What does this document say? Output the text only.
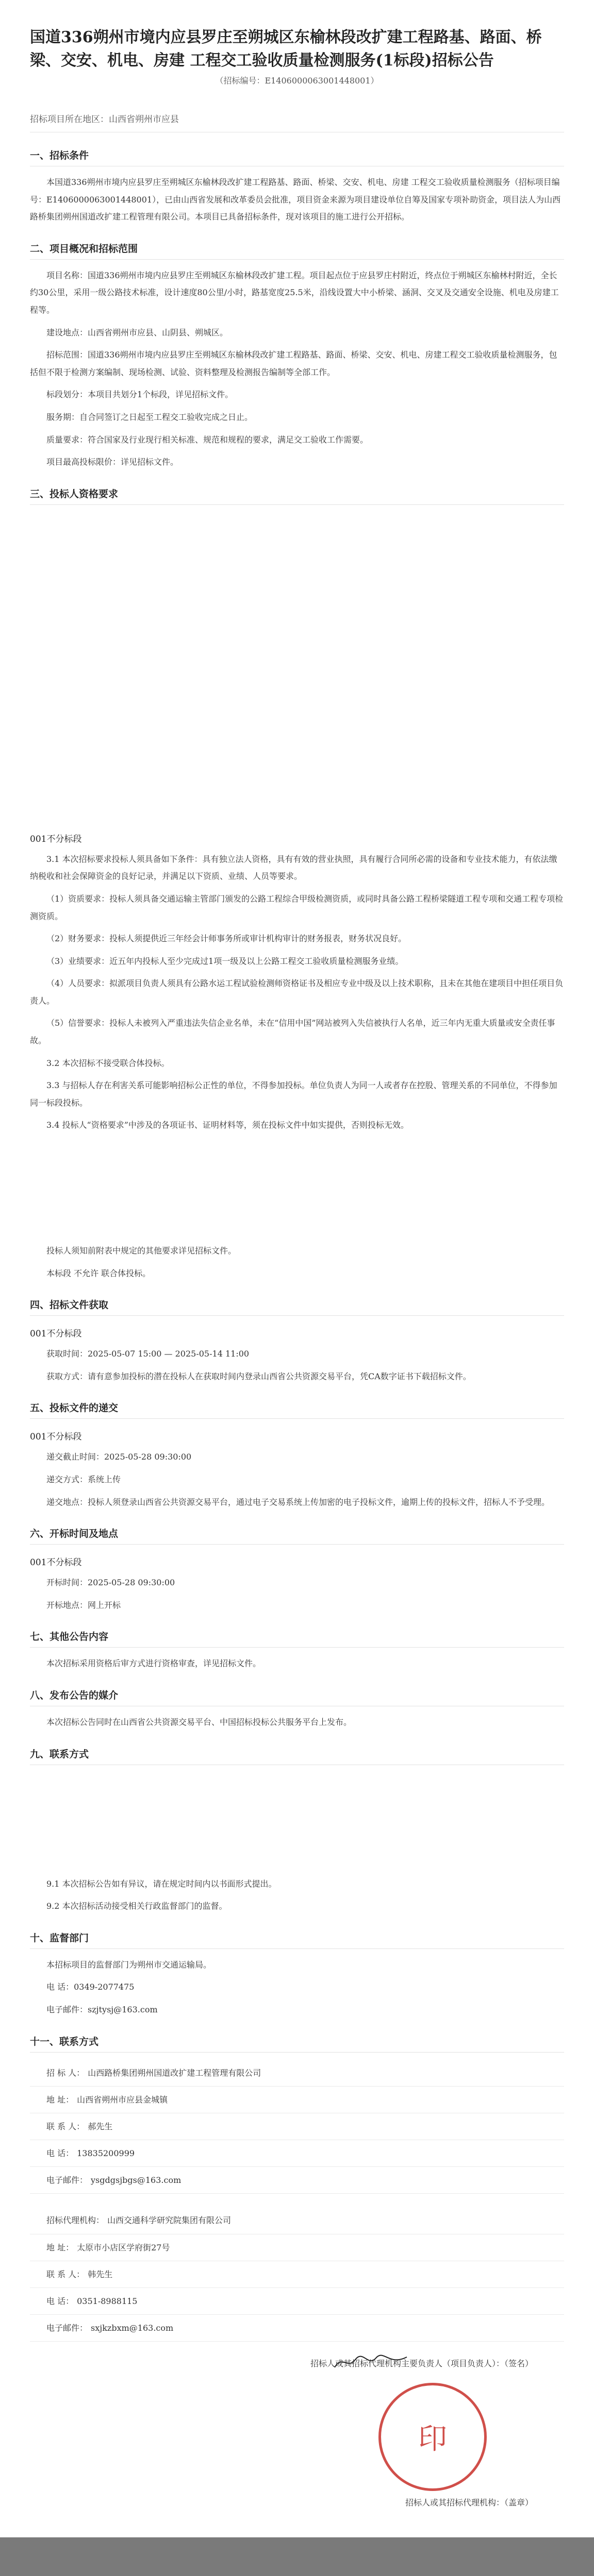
国道336朔州市境内应县罗庄至朔城区东榆林段改扩建工程路基、路面、桥梁、交安、机电、房建 工程交工验收质量检测服务(1标段)招标公告
（招标编号：E1406000063001448001）
招标项目所在地区：山西省朔州市应县
一、招标条件

本国道336朔州市境内应县罗庄至朔城区东榆林段改扩建工程路基、路面、桥梁、交安、机电、房建 工程交工验收质量检测服务（招标项目编号：E1406000063001448001），已由山西省发展和改革委员会批准，项目资金来源为项目建设单位自筹及国家专项补助资金，项目法人为山西路桥集团朔州国道改扩建工程管理有限公司。本项目已具备招标条件，现对该项目的施工进行公开招标。

二、项目概况和招标范围

项目名称：国道336朔州市境内应县罗庄至朔城区东榆林段改扩建工程。项目起点位于应县罗庄村附近，终点位于朔城区东榆林村附近，全长约30公里，采用一级公路技术标准，设计速度80公里/小时，路基宽度25.5米，沿线设置大中小桥梁、涵洞、交叉及交通安全设施、机电及房建工程等。

建设地点：山西省朔州市应县、山阴县、朔城区。

招标范围：国道336朔州市境内应县罗庄至朔城区东榆林段改扩建工程路基、路面、桥梁、交安、机电、房建工程交工验收质量检测服务，包括但不限于检测方案编制、现场检测、试验、资料整理及检测报告编制等全部工作。

标段划分：本项目共划分1个标段，详见招标文件。

服务期：自合同签订之日起至工程交工验收完成之日止。

质量要求：符合国家及行业现行相关标准、规范和规程的要求，满足交工验收工作需要。

项目最高投标限价：详见招标文件。

三、投标人资格要求
001不分标段

3.1 本次招标要求投标人须具备如下条件：具有独立法人资格，具有有效的营业执照，具有履行合同所必需的设备和专业技术能力，有依法缴纳税收和社会保障资金的良好记录，并满足以下资质、业绩、人员等要求。

（1）资质要求：投标人须具备交通运输主管部门颁发的公路工程综合甲级检测资质，或同时具备公路工程桥梁隧道工程专项和交通工程专项检测资质。

（2）财务要求：投标人须提供近三年经会计师事务所或审计机构审计的财务报表，财务状况良好。

（3）业绩要求：近五年内投标人至少完成过1项一级及以上公路工程交工验收质量检测服务业绩。

（4）人员要求：拟派项目负责人须具有公路水运工程试验检测师资格证书及相应专业中级及以上技术职称，且未在其他在建项目中担任项目负责人。

（5）信誉要求：投标人未被列入严重违法失信企业名单，未在“信用中国”网站被列入失信被执行人名单，近三年内无重大质量或安全责任事故。

3.2 本次招标不接受联合体投标。

3.3 与招标人存在利害关系可能影响招标公正性的单位，不得参加投标。单位负责人为同一人或者存在控股、管理关系的不同单位，不得参加同一标段投标。

3.4 投标人“资格要求”中涉及的各项证书、证明材料等，须在投标文件中如实提供，否则投标无效。

投标人须知前附表中规定的其他要求详见招标文件。

本标段 不允许 联合体投标。

四、招标文件获取
001不分标段

获取时间：2025-05-07 15:00 — 2025-05-14 11:00

获取方式：请有意参加投标的潜在投标人在获取时间内登录山西省公共资源交易平台，凭CA数字证书下载招标文件。

五、投标文件的递交
001不分标段

递交截止时间：2025-05-28 09:30:00

递交方式：系统上传

递交地点：投标人须登录山西省公共资源交易平台，通过电子交易系统上传加密的电子投标文件，逾期上传的投标文件，招标人不予受理。

六、开标时间及地点
001不分标段

开标时间：2025-05-28 09:30:00

开标地点：网上开标

七、其他公告内容

本次招标采用资格后审方式进行资格审查，详见招标文件。

八、发布公告的媒介

本次招标公告同时在山西省公共资源交易平台、中国招标投标公共服务平台上发布。

九、联系方式

9.1 本次招标公告如有异议，请在规定时间内以书面形式提出。

9.2 本次招标活动接受相关行政监督部门的监督。

十、监督部门

本招标项目的监督部门为朔州市交通运输局。

电 话：0349-2077475

电子邮件：szjtysj@163.com

十一、联系方式
招 标 人： 山西路桥集团朔州国道改扩建工程管理有限公司
地 址： 山西省朔州市应县金城镇
联 系 人： 郝先生
电 话： 13835200999
电子邮件： ysgdgsjbgs@163.com
招标代理机构： 山西交通科学研究院集团有限公司
地 址： 太原市小店区学府街27号
联 系 人： 韩先生
电 话： 0351-8988115
电子邮件： sxjkzbxm@163.com
招标人或其招标代理机构主要负责人（项目负责人）：（签名）
印
招标人或其招标代理机构：（盖章）
